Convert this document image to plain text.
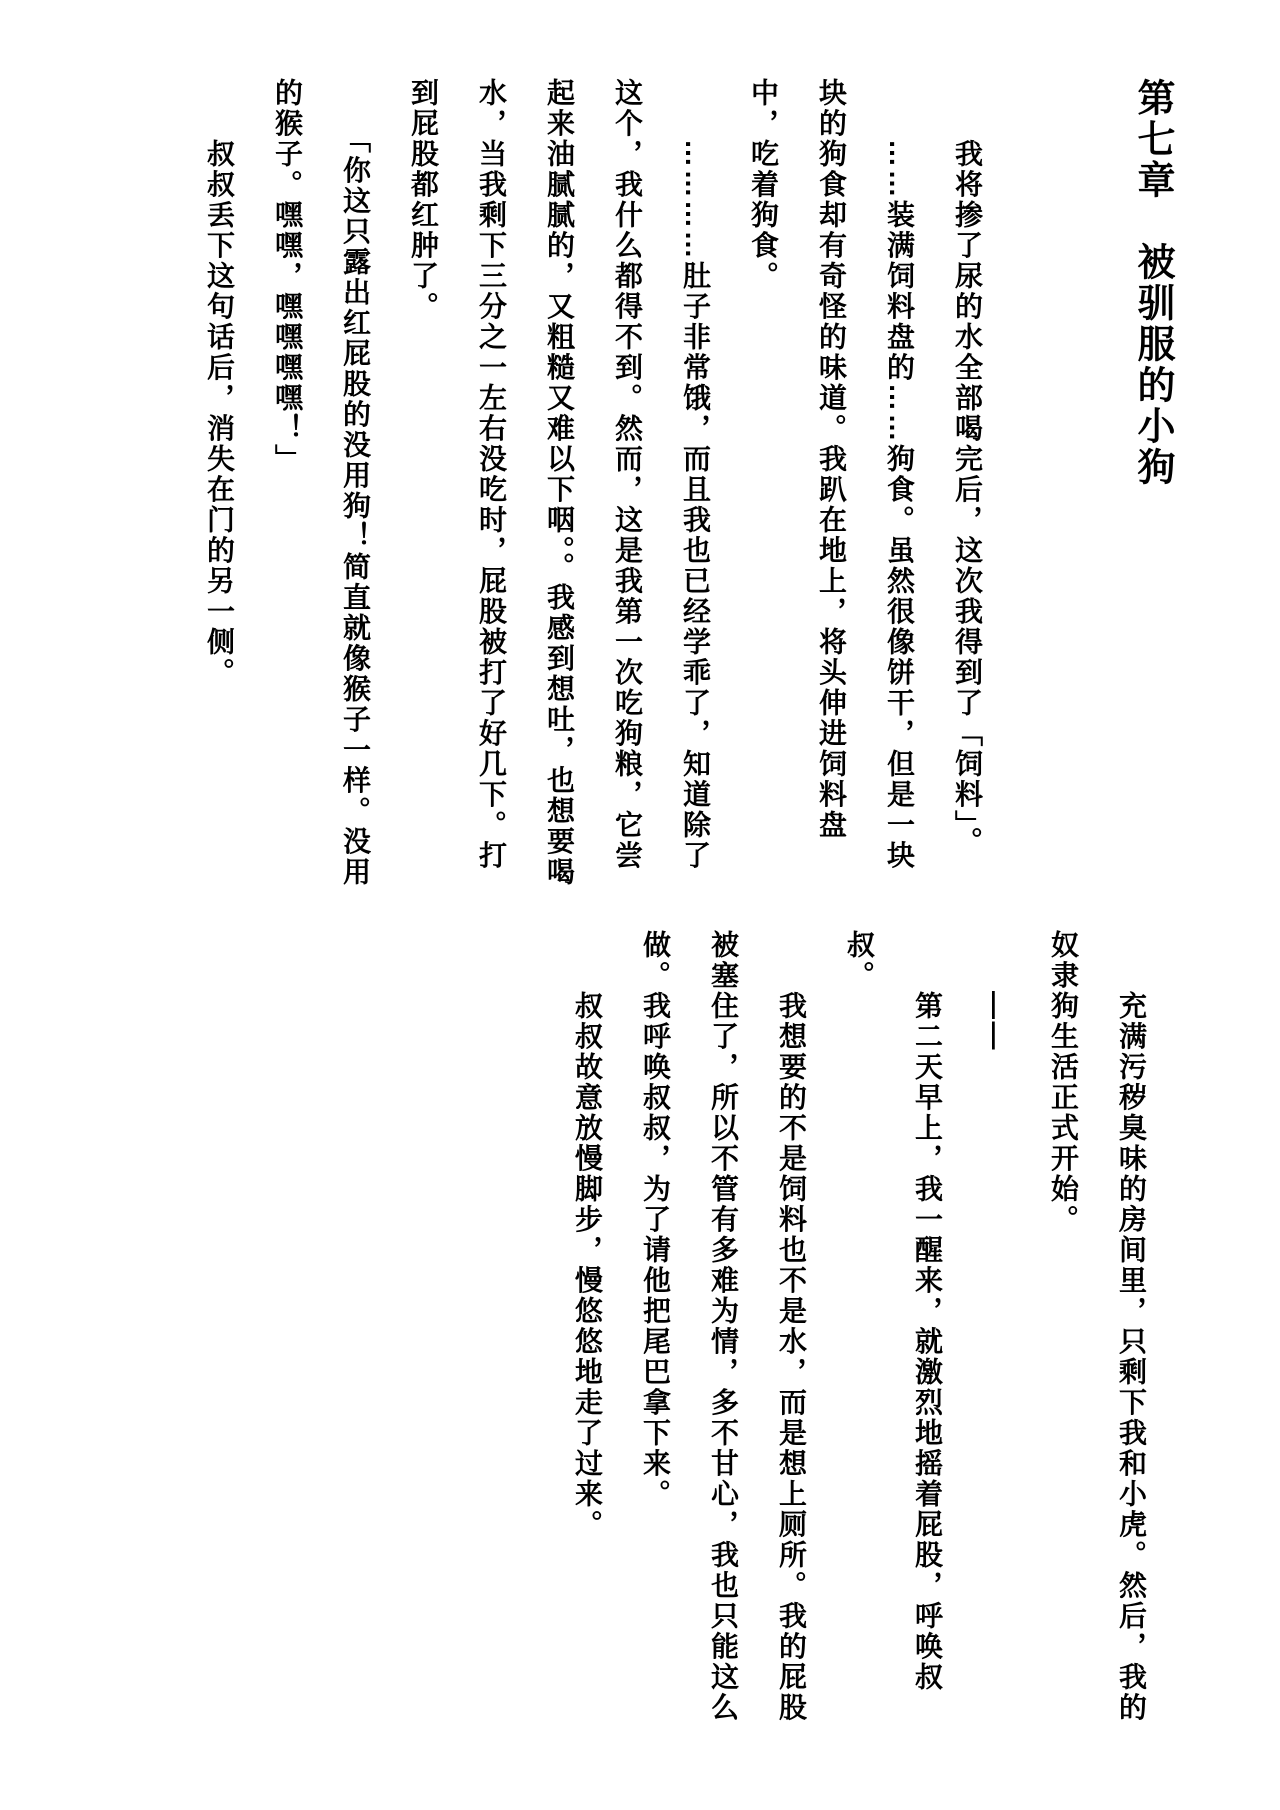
第七章　被驯服的小狗

　　我将掺了尿的水全部喝完后，这次我得到了「饲料」。

　　……装满饲料盘的……狗食。虽然很像饼干，但是一块块的狗食却有奇怪的味道。我趴在地上，将头伸进饲料盘中，吃着狗食。

　　…………肚子非常饿，而且我也已经学乖了，知道除了这个，我什么都得不到。然而，这是我第一次吃狗粮，它尝起来油腻腻的，又粗糙又难以下咽。。我感到想吐，也想要喝水，当我剩下三分之一左右没吃时，屁股被打了好几下。打到屁股都红肿了。

　　「你这只露出红屁股的没用狗！简直就像猴子一样。没用的猴子。嘿嘿，嘿嘿嘿嘿！」

　　叔叔丢下这句话后，消失在门的另一侧。

　　充满污秽臭味的房间里，只剩下我和小虎。然后，我的奴隶狗生活正式开始。

　　——

　　第二天早上，我一醒来，就激烈地摇着屁股，呼唤叔叔。

　　我想要的不是饲料也不是水，而是想上厕所。我的屁股被塞住了，所以不管有多难为情，多不甘心，我也只能这么做。我呼唤叔叔，为了请他把尾巴拿下来。

　　叔叔故意放慢脚步，慢悠悠地走了过来。
